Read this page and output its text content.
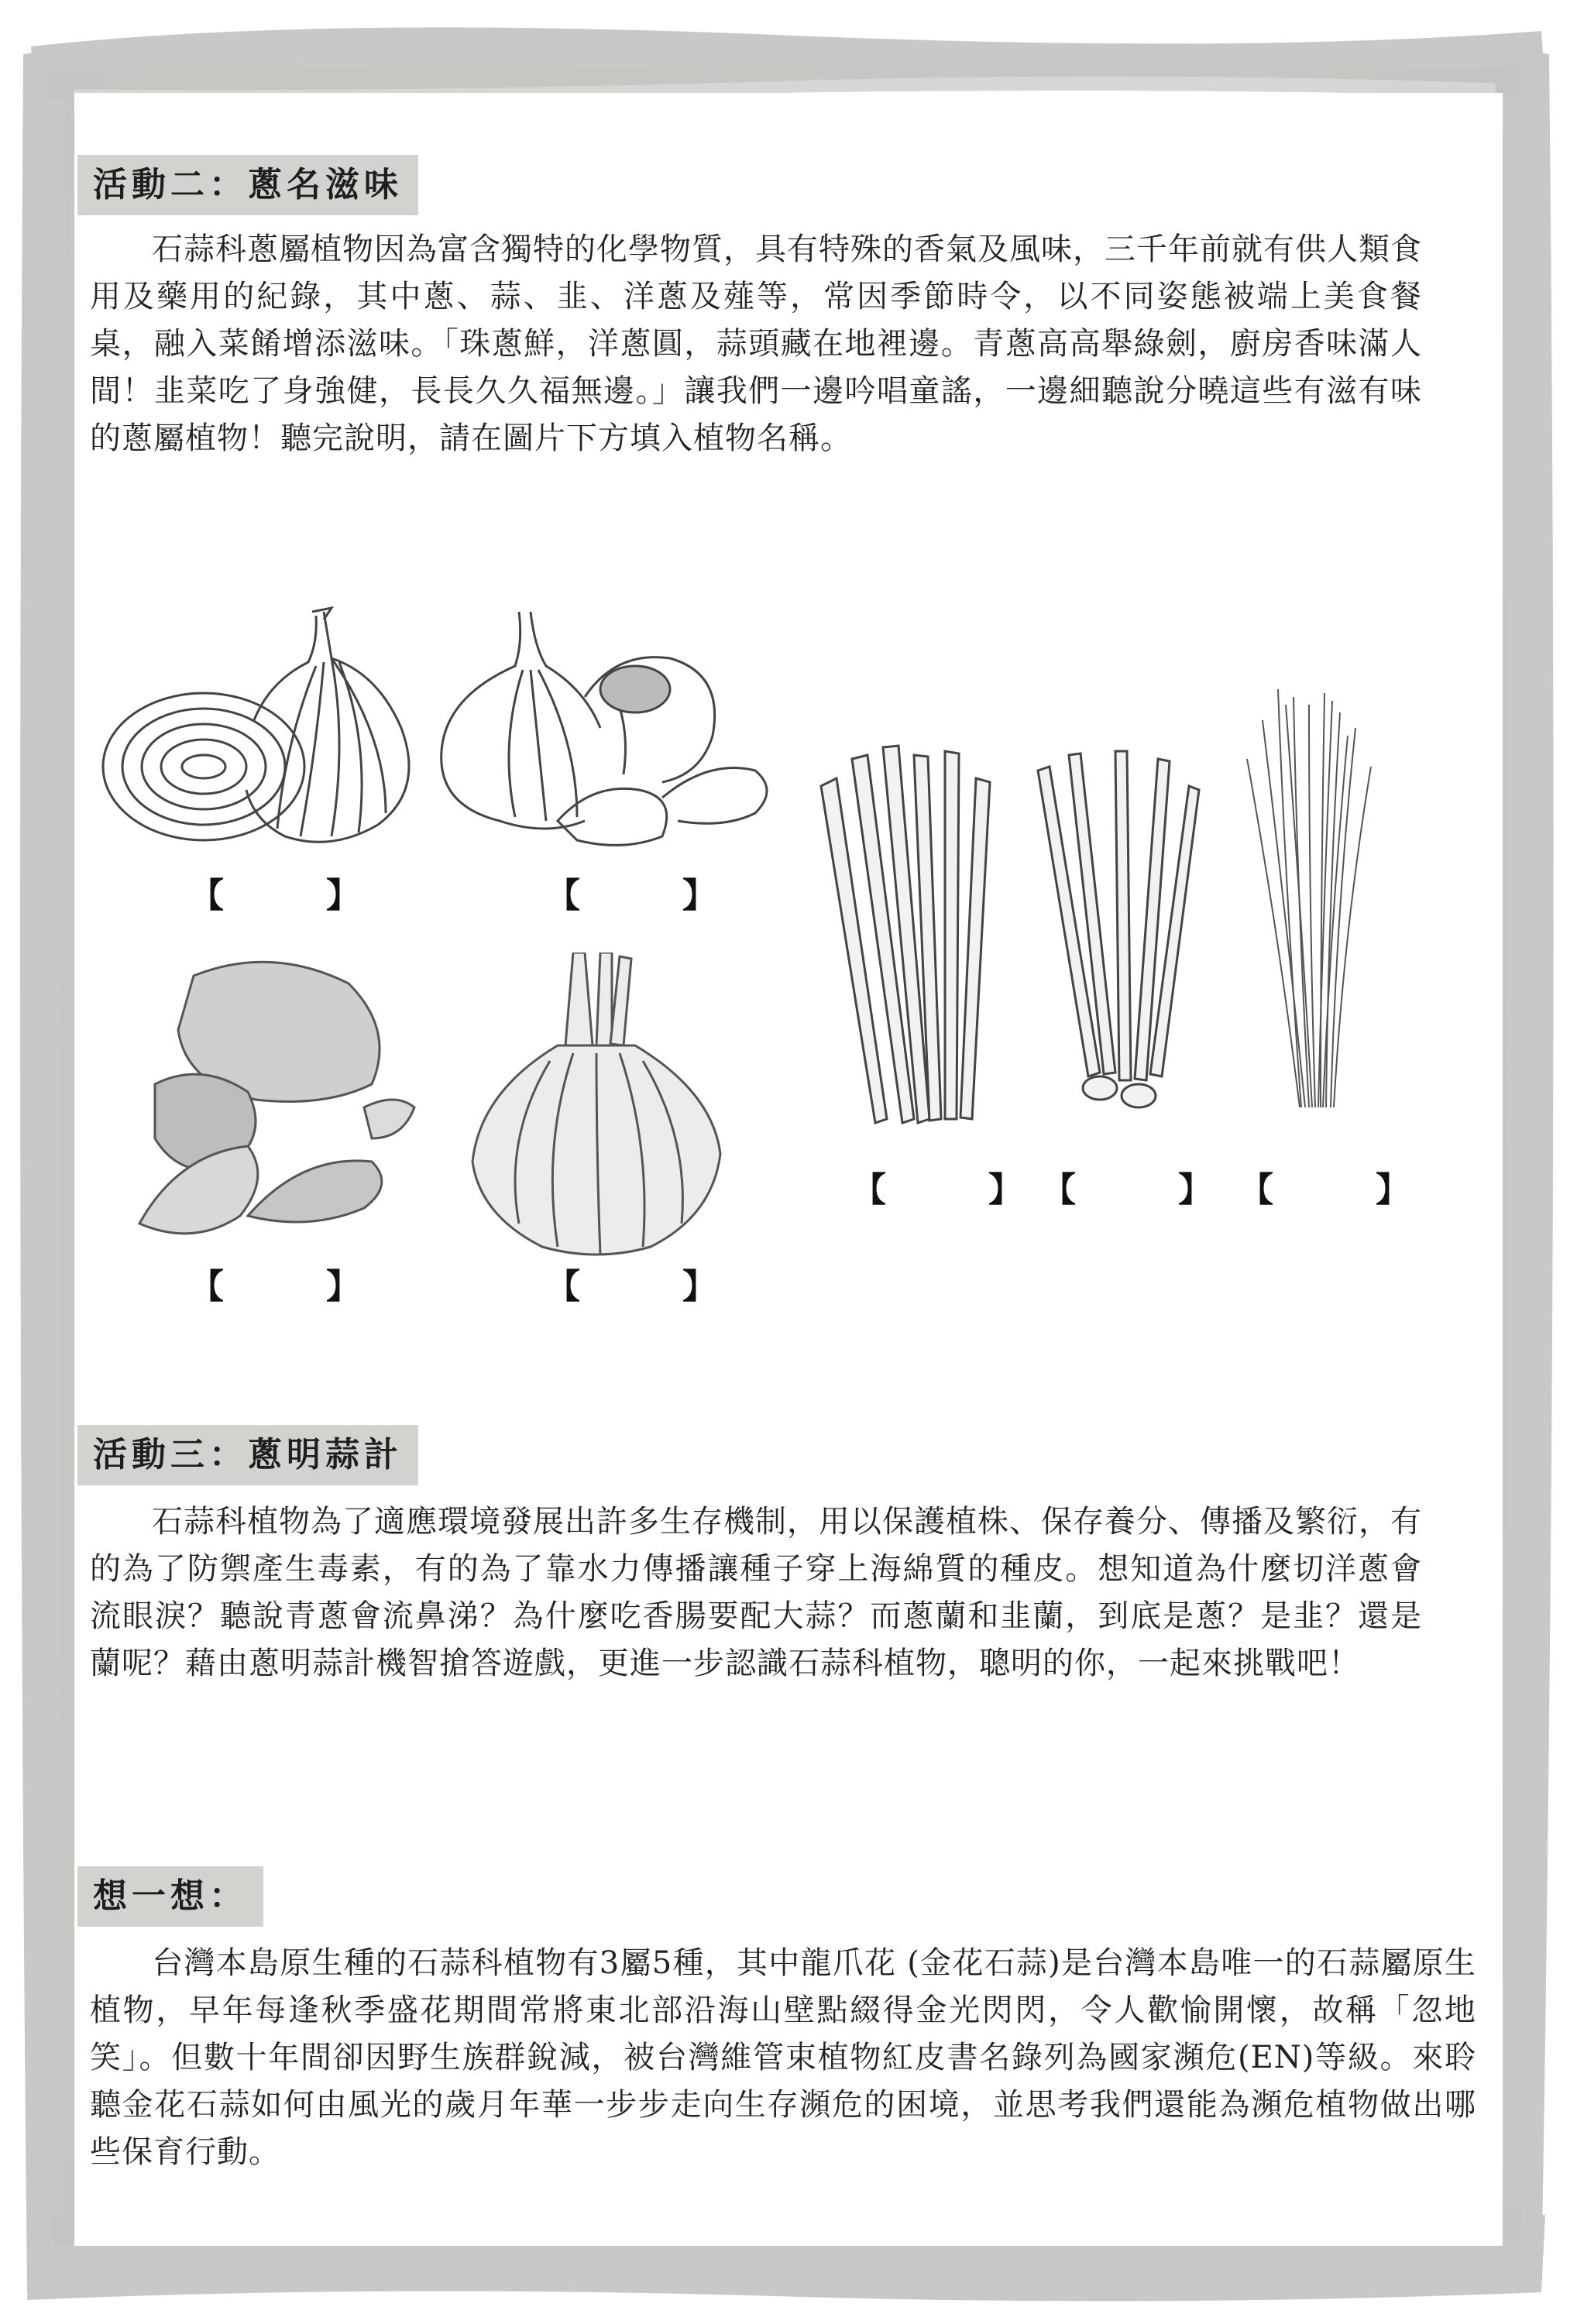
活動二：蔥名滋味
石蒜科蔥屬植物因為富含獨特的化學物質，具有特殊的香氣及風味，三千年前就有供人類食用及藥用的紀錄，其中蔥、蒜、韭、洋蔥及薤等，常因季節時令，以不同姿態被端上美食餐桌，融入菜餚增添滋味。「珠蔥鮮，洋蔥圓，蒜頭藏在地裡邊。青蔥高高舉綠劍，廚房香味滿人間！韭菜吃了身強健，長長久久福無邊。」讓我們一邊吟唱童謠，一邊細聽說分曉這些有滋有味的蔥屬植物！聽完說明，請在圖片下方填入植物名稱。
【　　　】	【　　　】
【　　　】	【　　　】
【　　　】 【　　　】 【　　　】
活動三：蔥明蒜計
石蒜科植物為了適應環境發展出許多生存機制，用以保護植株、保存養分、傳播及繁衍，有的為了防禦產生毒素，有的為了靠水力傳播讓種子穿上海綿質的種皮。想知道為什麼切洋蔥會流眼淚？聽說青蔥會流鼻涕？為什麼吃香腸要配大蒜？而蔥蘭和韭蘭，到底是蔥？是韭？還是蘭呢？藉由蔥明蒜計機智搶答遊戲，更進一步認識石蒜科植物，聰明的你，一起來挑戰吧！
想一想：
台灣本島原生種的石蒜科植物有3屬5種，其中龍爪花 (金花石蒜)是台灣本島唯一的石蒜屬原生植物，早年每逢秋季盛花期間常將東北部沿海山壁點綴得金光閃閃，令人歡愉開懷，故稱「忽地笑」。但數十年間卻因野生族群銳減，被台灣維管束植物紅皮書名錄列為國家瀕危(EN)等級。來聆聽金花石蒜如何由風光的歲月年華一步步走向生存瀕危的困境，並思考我們還能為瀕危植物做出哪些保育行動。
